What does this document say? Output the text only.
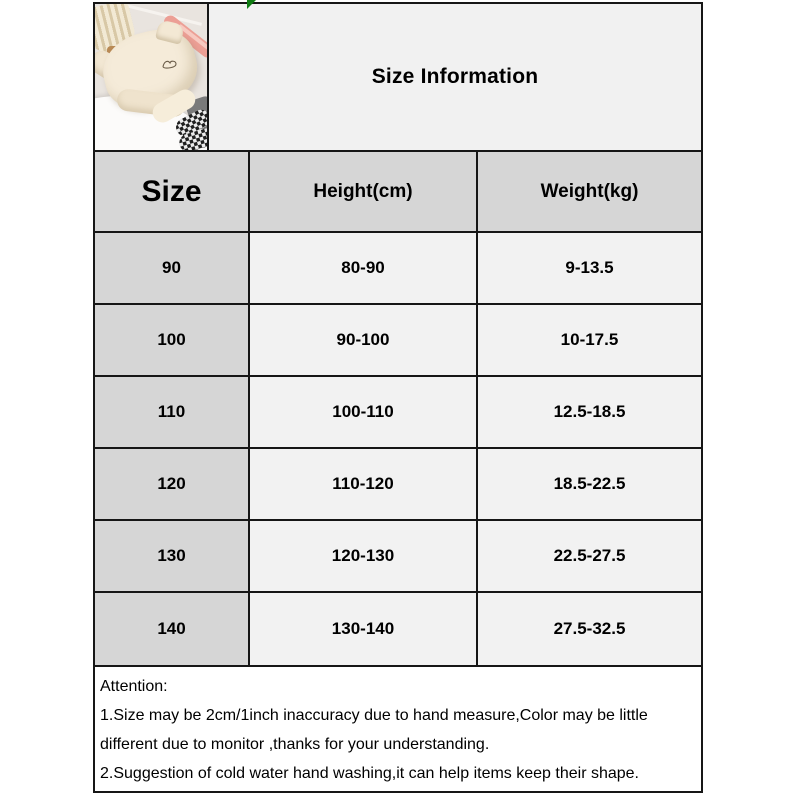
Size Information
Size	Height(cm)	Weight(kg)
90	80-90	9-13.5
100	90-100	10-17.5
110	100-110	12.5-18.5
120	110-120	18.5-22.5
130	120-130	22.5-27.5
140	130-140	27.5-32.5
Attention:
1.Size may be 2cm/1inch inaccuracy due to hand measure,Color may be little
different due to monitor ,thanks for your understanding.
2.Suggestion of cold water hand washing,it can help items keep their shape.
